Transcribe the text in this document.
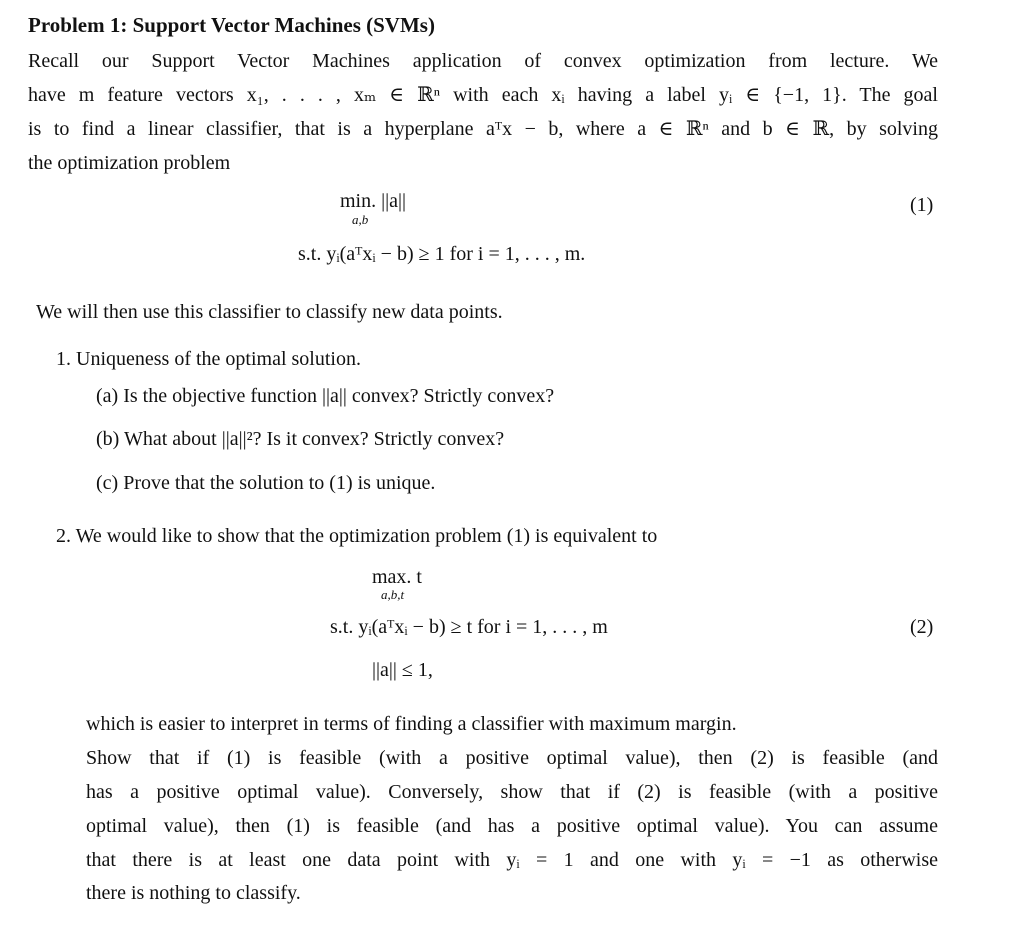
Problem 1: Support Vector Machines (SVMs)
Recall our Support Vector Machines application of convex optimization from lecture. We
have m feature vectors x₁, . . . , xₘ ∈ ℝⁿ with each xᵢ having a label yᵢ ∈ {−1, 1}. The goal
is to find a linear classifier, that is a hyperplane aᵀx − b, where a ∈ ℝⁿ and b ∈ ℝ, by solving
the optimization problem
min. ||a||
a,b
(1)
s.t. yᵢ(aᵀxᵢ − b) ≥ 1 for i = 1, . . . , m.
We will then use this classifier to classify new data points.
1. Uniqueness of the optimal solution.
(a) Is the objective function ||a|| convex? Strictly convex?
(b) What about ||a||²? Is it convex? Strictly convex?
(c) Prove that the solution to (1) is unique.
2. We would like to show that the optimization problem (1) is equivalent to
max. t
a,b,t
s.t. yᵢ(aᵀxᵢ − b) ≥ t for i = 1, . . . , m	(2)
||a|| ≤ 1,
which is easier to interpret in terms of finding a classifier with maximum margin.
Show that if (1) is feasible (with a positive optimal value), then (2) is feasible (and
has a positive optimal value). Conversely, show that if (2) is feasible (with a positive
optimal value), then (1) is feasible (and has a positive optimal value). You can assume
that there is at least one data point with yᵢ = 1 and one with yᵢ = −1 as otherwise
there is nothing to classify.
